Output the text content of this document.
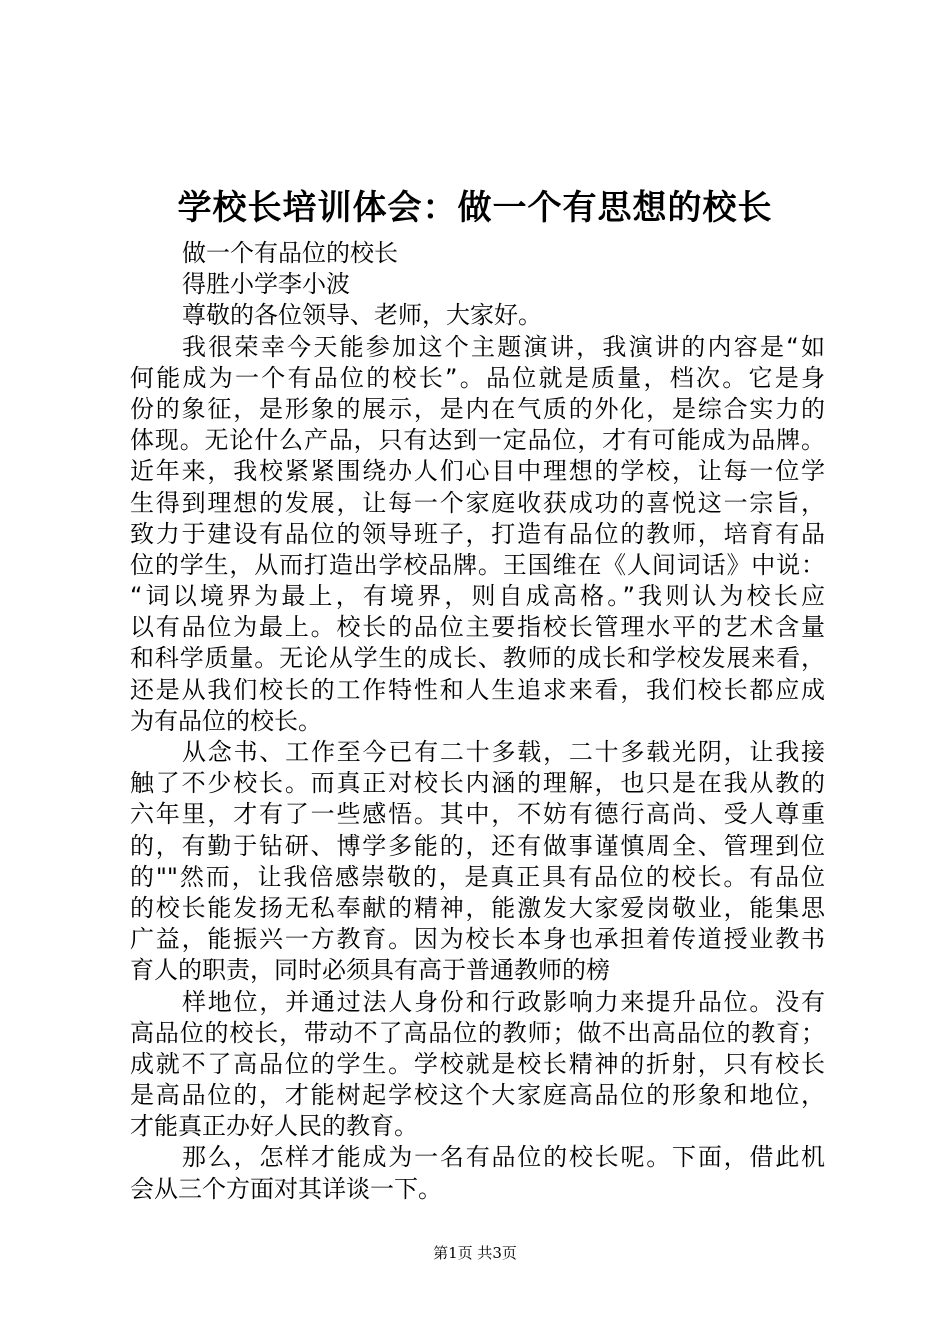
学校长培训体会：做一个有思想的校长
做一个有品位的校长
得胜小学李小波
尊敬的各位领导、老师，大家好。
我很荣幸今天能参加这个主题演讲，我演讲的内容是“如
何能成为一个有品位的校长”。品位就是质量，档次。它是身
份的象征，是形象的展示，是内在气质的外化，是综合实力的
体现。无论什么产品，只有达到一定品位，才有可能成为品牌。
近年来，我校紧紧围绕办人们心目中理想的学校，让每一位学
生得到理想的发展，让每一个家庭收获成功的喜悦这一宗旨，
致力于建设有品位的领导班子，打造有品位的教师，培育有品
位的学生，从而打造出学校品牌。王国维在《人间词话》中说：
“词以境界为最上，有境界，则自成高格。”我则认为校长应
以有品位为最上。校长的品位主要指校长管理水平的艺术含量
和科学质量。无论从学生的成长、教师的成长和学校发展来看，
还是从我们校长的工作特性和人生追求来看，我们校长都应成
为有品位的校长。
从念书、工作至今已有二十多载，二十多载光阴，让我接
触了不少校长。而真正对校长内涵的理解，也只是在我从教的
六年里，才有了一些感悟。其中，不妨有德行高尚、受人尊重
的，有勤于钻研、博学多能的，还有做事谨慎周全、管理到位
的""然而，让我倍感崇敬的，是真正具有品位的校长。有品位
的校长能发扬无私奉献的精神，能激发大家爱岗敬业，能集思
广益，能振兴一方教育。因为校长本身也承担着传道授业教书
育人的职责，同时必须具有高于普通教师的榜
样地位，并通过法人身份和行政影响力来提升品位。没有
高品位的校长，带动不了高品位的教师；做不出高品位的教育；
成就不了高品位的学生。学校就是校长精神的折射，只有校长
是高品位的，才能树起学校这个大家庭高品位的形象和地位，
才能真正办好人民的教育。
那么，怎样才能成为一名有品位的校长呢。下面，借此机
会从三个方面对其详谈一下。
第1页 共3页
